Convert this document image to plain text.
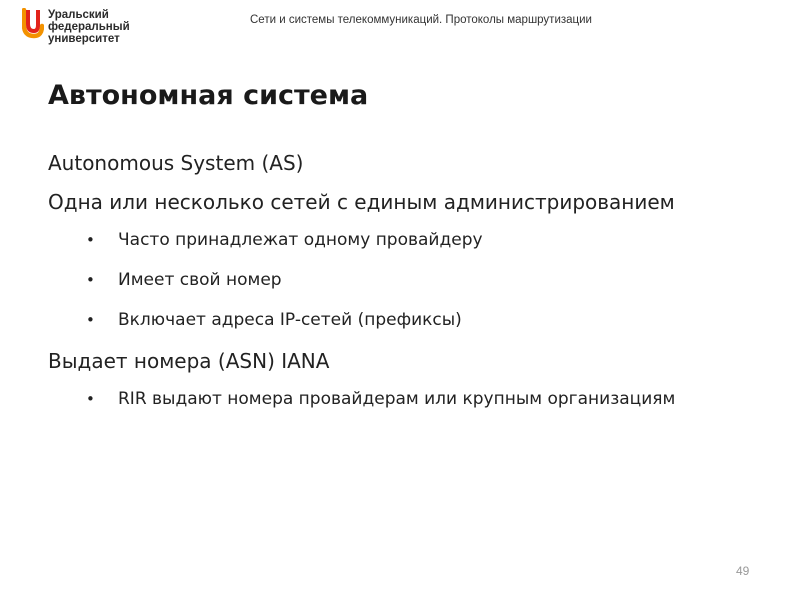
Уральский
федеральный
университет
Сети и системы телекоммуникаций. Протоколы маршрутизации
Автономная система
Autonomous System (AS)
Одна или несколько сетей с единым администрированием
• Часто принадлежат одному провайдеру
• Имеет свой номер
• Включает адреса IP-сетей (префиксы)
Выдает номера (ASN) IANA
• RIR выдают номера провайдерам или крупным организациям
49
